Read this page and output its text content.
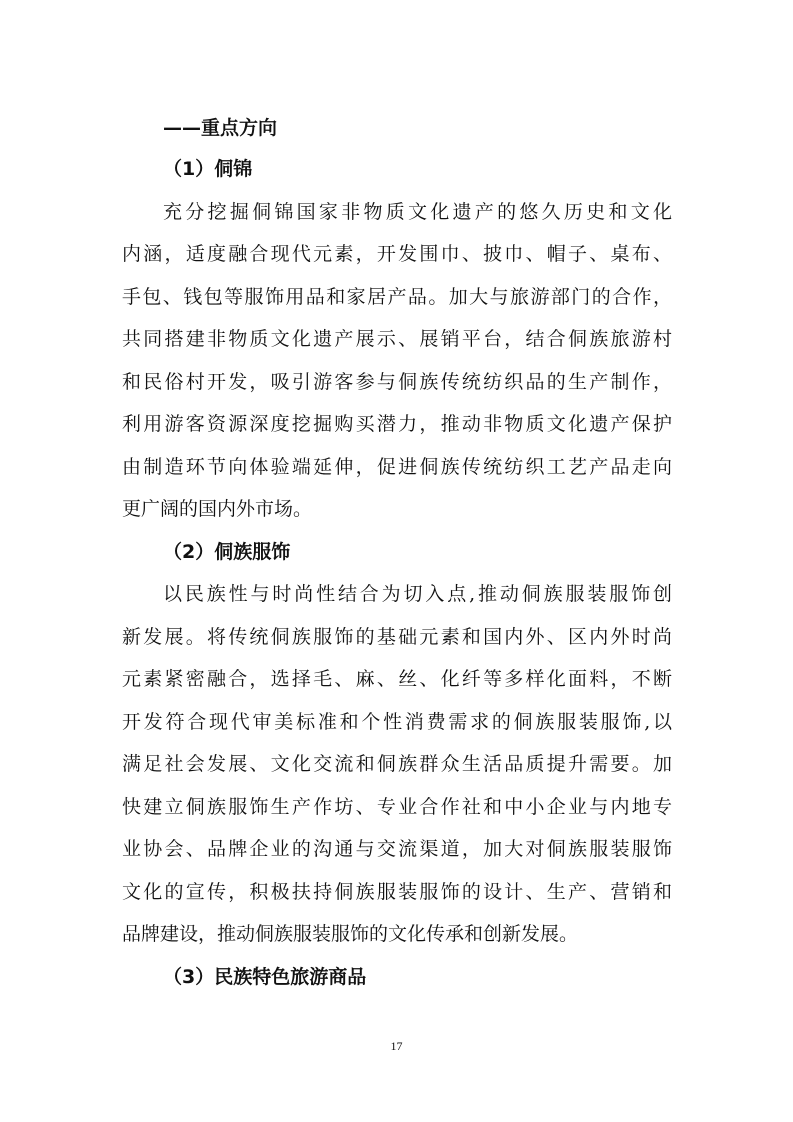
——重点方向
（1）侗锦
充分挖掘侗锦国家非物质文化遗产的悠久历史和文化
内涵，适度融合现代元素，开发围巾、披巾、帽子、桌布、
手包、钱包等服饰用品和家居产品。加大与旅游部门的合作，
共同搭建非物质文化遗产展示、展销平台，结合侗族旅游村
和民俗村开发，吸引游客参与侗族传统纺织品的生产制作，
利用游客资源深度挖掘购买潜力，推动非物质文化遗产保护
由制造环节向体验端延伸，促进侗族传统纺织工艺产品走向
更广阔的国内外市场。
（2）侗族服饰
以民族性与时尚性结合为切入点,推动侗族服装服饰创
新发展。将传统侗族服饰的基础元素和国内外、区内外时尚
元素紧密融合，选择毛、麻、丝、化纤等多样化面料，不断
开发符合现代审美标准和个性消费需求的侗族服装服饰,以
满足社会发展、文化交流和侗族群众生活品质提升需要。加
快建立侗族服饰生产作坊、专业合作社和中小企业与内地专
业协会、品牌企业的沟通与交流渠道，加大对侗族服装服饰
文化的宣传，积极扶持侗族服装服饰的设计、生产、营销和
品牌建设，推动侗族服装服饰的文化传承和创新发展。
（3）民族特色旅游商品
17
